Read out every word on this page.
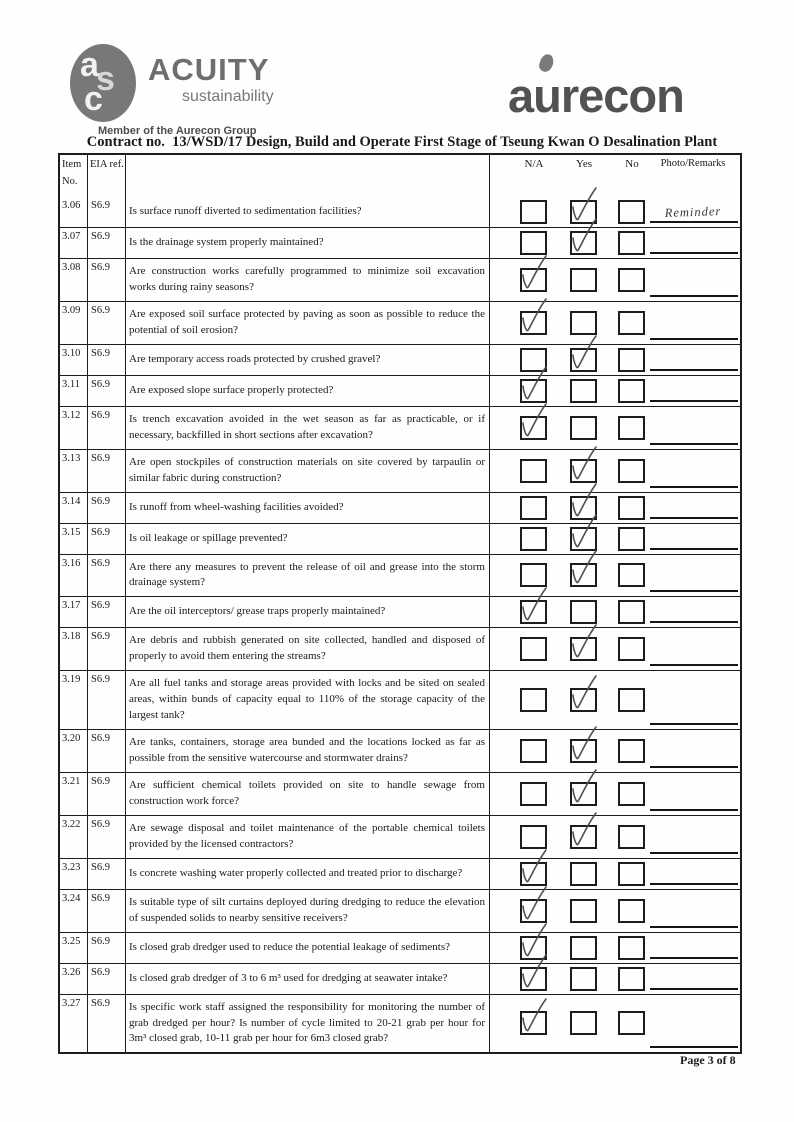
a
s
c
ACUITY
sustainability
Member of the Aurecon Group
aurecon
Contract no.  13/WSD/17 Design, Build and Operate First Stage of Tseung Kwan O Desalination Plant
Item
No.
EIA ref.	N/A	Yes	No	Photo/Remarks
3.06	S6.9	Is surface runoff diverted to sedimentation facilities?	Reminder
3.07	S6.9	Is the drainage system properly maintained?
3.08	S6.9	Are construction works carefully programmed to minimize soil excavation works during rainy seasons?
3.09	S6.9	Are exposed soil surface protected by paving as soon as possible to reduce the potential of soil erosion?
3.10	S6.9	Are temporary access roads protected by crushed gravel?
3.11	S6.9	Are exposed slope surface properly protected?
3.12	S6.9	Is trench excavation avoided in the wet season as far as practicable, or if necessary, backfilled in short sections after excavation?
3.13	S6.9	Are open stockpiles of construction materials on site covered by tarpaulin or similar fabric during construction?
3.14	S6.9	Is runoff from wheel-washing facilities avoided?
3.15	S6.9	Is oil leakage or spillage prevented?
3.16	S6.9	Are there any measures to prevent the release of oil and grease into the storm drainage system?
3.17	S6.9	Are the oil interceptors/ grease traps properly maintained?
3.18	S6.9	Are debris and rubbish generated on site collected, handled and disposed of properly to avoid them entering the streams?
3.19	S6.9	Are all fuel tanks and storage areas provided with locks and be sited on sealed areas, within bunds of capacity equal to 110% of the storage capacity of the largest tank?
3.20	S6.9	Are tanks, containers, storage area bunded and the locations locked as far as possible from the sensitive watercourse and stormwater drains?
3.21	S6.9	Are sufficient chemical toilets provided on site to handle sewage from construction work force?
3.22	S6.9	Are sewage disposal and toilet maintenance of the portable chemical toilets provided by the licensed contractors?
3.23	S6.9	Is concrete washing water properly collected and treated prior to discharge?
3.24	S6.9	Is suitable type of silt curtains deployed during dredging to reduce the elevation of suspended solids to nearby sensitive receivers?
3.25	S6.9	Is closed grab dredger used to reduce the potential leakage of sediments?
3.26	S6.9	Is closed grab dredger of 3 to 6 m³ used for dredging at seawater intake?
3.27	S6.9	Is specific work staff assigned the responsibility for monitoring the number of grab dredged per hour? Is number of cycle limited to 20-21 grab per hour for 3m³ closed grab, 10-11 grab per hour for 6m3 closed grab?
Page 3 of 8
